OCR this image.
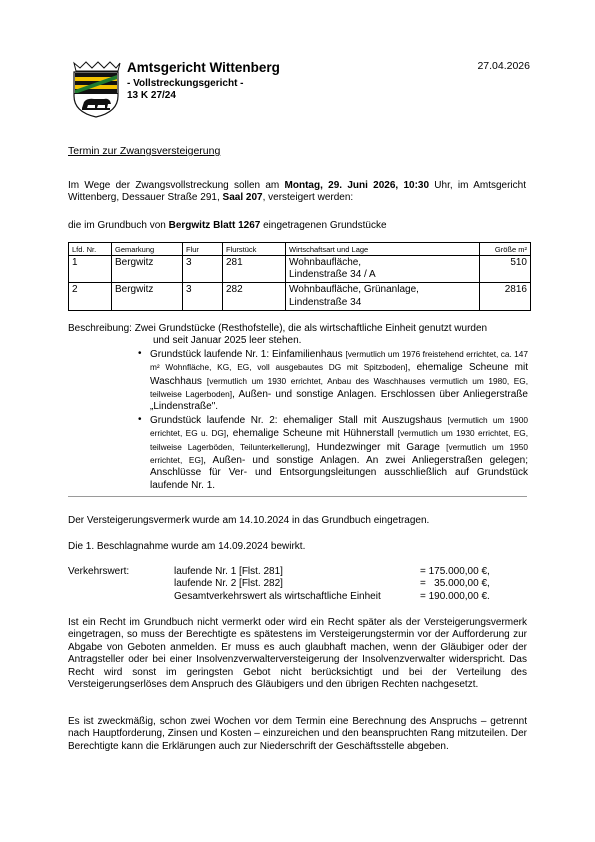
27.04.2026

Amtsgericht Wittenberg

- Vollstreckungsgericht -

13 K 27/24

Termin zur Zwangsversteigerung
Im Wege der Zwangsvollstreckung sollen am Montag, 29. Juni 2026, 10:30 Uhr, im Amtsgericht Wittenberg, Dessauer Straße 291, Saal 207, versteigert werden:
die im Grundbuch von Bergwitz Blatt 1267 eingetragenen Grundstücke
Lfd. Nr.	Gemarkung	Flur	Flurstück	Wirtschaftsart und Lage	Größe m²
1	Bergwitz	3	281	Wohnbaufläche,
Lindenstraße 34 / A	510
2	Bergwitz	3	282	Wohnbaufläche, Grünanlage,
Lindenstraße 34	2816

Beschreibung: Zwei Grundstücke (Resthofstelle), die als wirtschaftliche Einheit genutzt wurden

und seit Januar 2025 leer stehen.

• Grundstück laufende Nr. 1: Einfamilienhaus [vermutlich um 1976 freistehend errichtet, ca. 147 m² Wohnfläche, KG, EG, voll ausgebautes DG mit Spitzboden], ehemalige Scheune mit Waschhaus [vermutlich um 1930 errichtet, Anbau des Waschhauses vermutlich um 1980, EG, teilweise Lagerboden], Außen- und sonstige Anlagen. Erschlossen über Anliegerstraße „Lindenstraße".
• Grundstück laufende Nr. 2: ehemaliger Stall mit Auszugshaus [vermutlich um 1900 errichtet, EG u. DG], ehemalige Scheune mit Hühnerstall [vermutlich um 1930 errichtet, EG, teilweise Lagerböden, Teilunterkellerung], Hundezwinger mit Garage [vermutlich um 1950 errichtet, EG], Außen- und sonstige Anlagen. An zwei Anliegerstraßen gelegen; Anschlüsse für Ver- und Entsorgungsleitungen ausschließlich auf Grundstück laufende Nr. 1.
Der Versteigerungsvermerk wurde am 14.10.2024 in das Grundbuch eingetragen.
Die 1. Beschlagnahme wurde am 14.09.2024 bewirkt.
Verkehrswert:	laufende Nr. 1 [Flst. 281]	= 175.000,00 €,
laufende Nr. 2 [Flst. 282]	=   35.000,00 €,
Gesamtverkehrswert als wirtschaftliche Einheit	= 190.000,00 €.
Ist ein Recht im Grundbuch nicht vermerkt oder wird ein Recht später als der Versteigerungsvermerk eingetragen, so muss der Berechtigte es spätestens im Versteigerungstermin vor der Aufforderung zur Abgabe von Geboten anmelden. Er muss es auch glaubhaft machen, wenn der Gläubiger oder der Antragsteller oder bei einer Insolvenzverwalterversteigerung der Insolvenzverwalter widerspricht. Das Recht wird sonst im geringsten Gebot nicht berücksichtigt und bei der Verteilung des Versteigerungserlöses dem Anspruch des Gläubigers und den übrigen Rechten nachgesetzt.
Es ist zweckmäßig, schon zwei Wochen vor dem Termin eine Berechnung des Anspruchs – getrennt nach Hauptforderung, Zinsen und Kosten – einzureichen und den beanspruchten Rang mitzuteilen. Der Berechtigte kann die Erklärungen auch zur Niederschrift der Geschäftsstelle abgeben.
